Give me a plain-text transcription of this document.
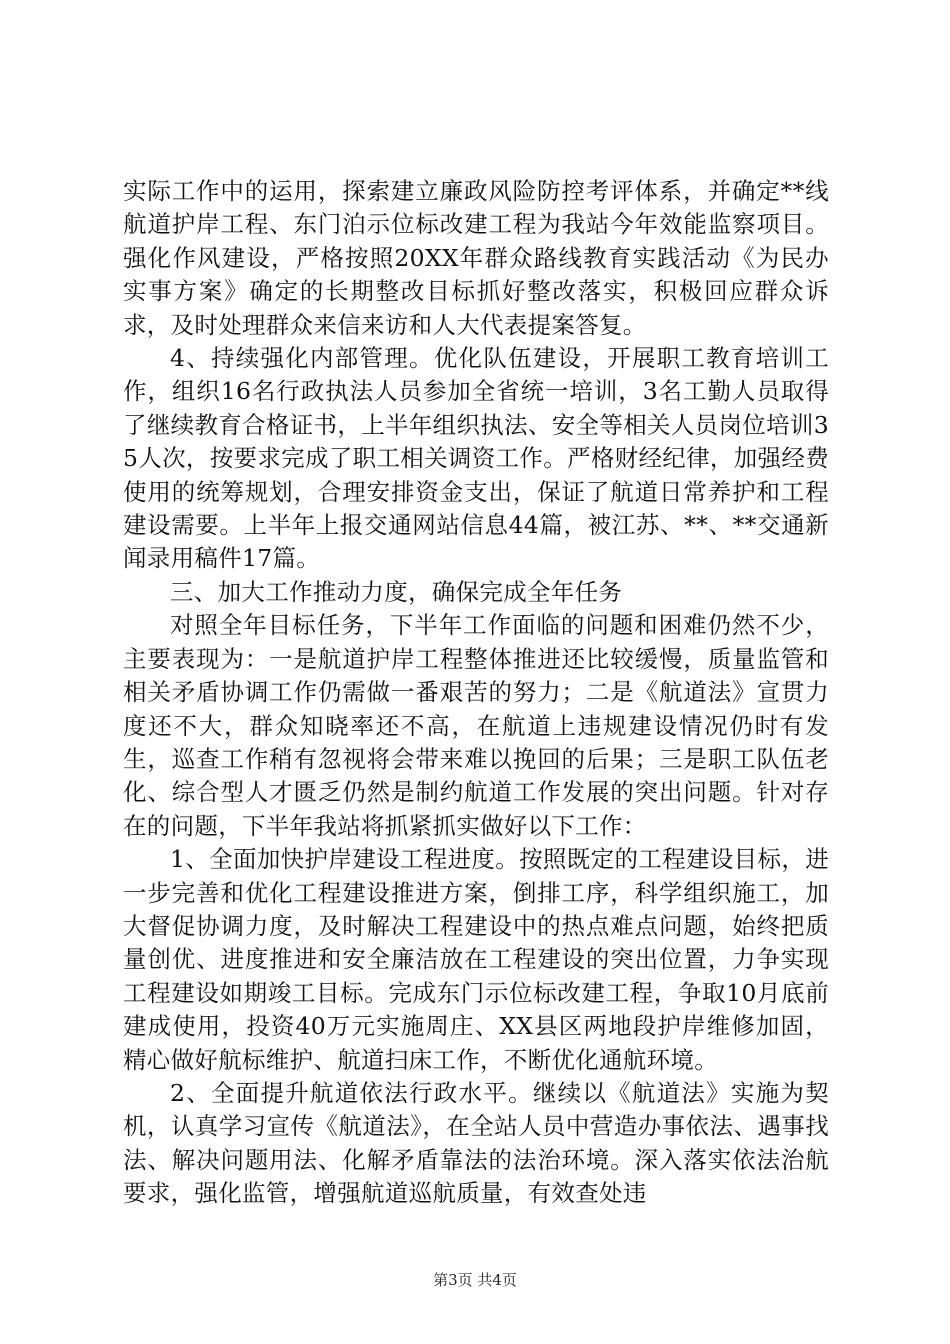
实际工作中的运用，探索建立廉政风险防控考评体系，并确定**线航道护岸工程、东门泊示位标改建工程为我站今年效能监察项目。强化作风建设，严格按照20XX年群众路线教育实践活动《为民办实事方案》确定的长期整改目标抓好整改落实，积极回应群众诉求，及时处理群众来信来访和人大代表提案答复。

4、持续强化内部管理。优化队伍建设，开展职工教育培训工作，组织16名行政执法人员参加全省统一培训，3名工勤人员取得了继续教育合格证书，上半年组织执法、安全等相关人员岗位培训35人次，按要求完成了职工相关调资工作。严格财经纪律，加强经费使用的统筹规划，合理安排资金支出，保证了航道日常养护和工程建设需要。上半年上报交通网站信息44篇，被江苏、**、**交通新闻录用稿件17篇。

三、加大工作推动力度，确保完成全年任务

对照全年目标任务，下半年工作面临的问题和困难仍然不少，主要表现为：一是航道护岸工程整体推进还比较缓慢，质量监管和相关矛盾协调工作仍需做一番艰苦的努力；二是《航道法》宣贯力度还不大，群众知晓率还不高，在航道上违规建设情况仍时有发生，巡查工作稍有忽视将会带来难以挽回的后果；三是职工队伍老化、综合型人才匮乏仍然是制约航道工作发展的突出问题。针对存在的问题，下半年我站将抓紧抓实做好以下工作：

1、全面加快护岸建设工程进度。按照既定的工程建设目标，进一步完善和优化工程建设推进方案，倒排工序，科学组织施工，加大督促协调力度，及时解决工程建设中的热点难点问题，始终把质量创优、进度推进和安全廉洁放在工程建设的突出位置，力争实现工程建设如期竣工目标。完成东门示位标改建工程，争取10月底前建成使用，投资40万元实施周庄、XX县区两地段护岸维修加固，精心做好航标维护、航道扫床工作，不断优化通航环境。

2、全面提升航道依法行政水平。继续以《航道法》实施为契机，认真学习宣传《航道法》，在全站人员中营造办事依法、遇事找法、解决问题用法、化解矛盾靠法的法治环境。深入落实依法治航要求，强化监管，增强航道巡航质量，有效查处违

第3页 共4页
